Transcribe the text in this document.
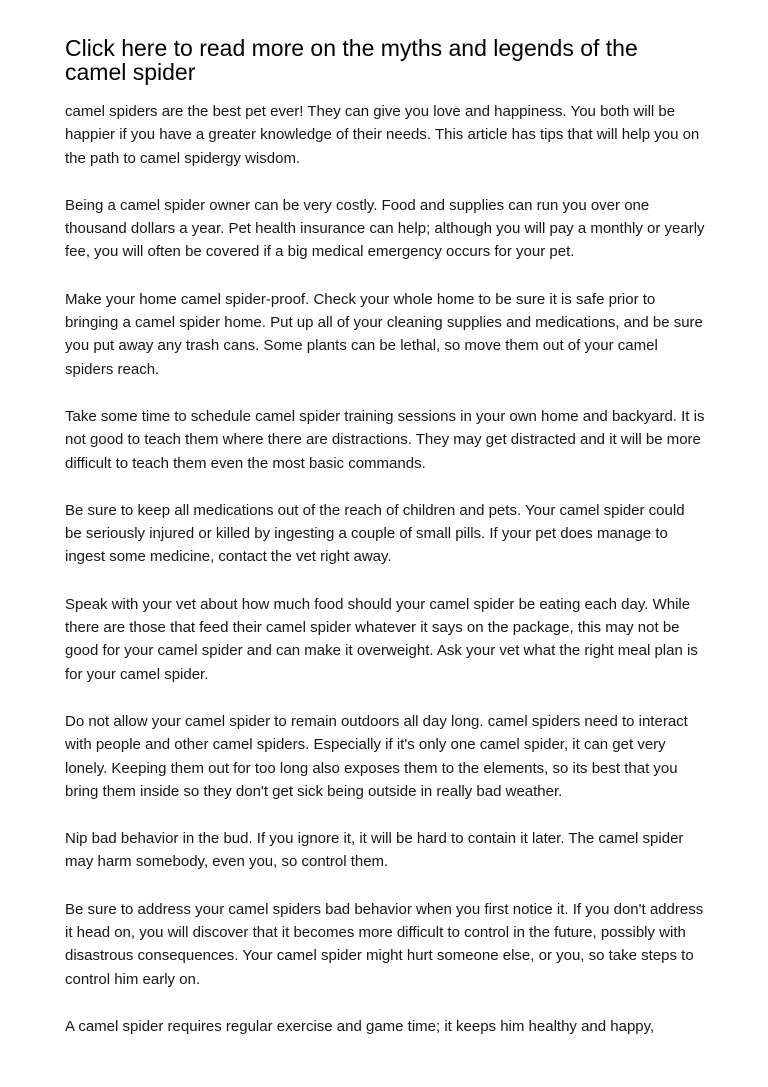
Click here to read more on the myths and legends of the camel spider

camel spiders are the best pet ever! They can give you love and happiness. You both will be happier if you have a greater knowledge of their needs. This article has tips that will help you on the path to camel spidergy wisdom.

Being a camel spider owner can be very costly. Food and supplies can run you over one thousand dollars a year. Pet health insurance can help; although you will pay a monthly or yearly fee, you will often be covered if a big medical emergency occurs for your pet.

Make your home camel spider-proof. Check your whole home to be sure it is safe prior to bringing a camel spider home. Put up all of your cleaning supplies and medications, and be sure you put away any trash cans. Some plants can be lethal, so move them out of your camel spiders reach.

Take some time to schedule camel spider training sessions in your own home and backyard. It is not good to teach them where there are distractions. They may get distracted and it will be more difficult to teach them even the most basic commands.

Be sure to keep all medications out of the reach of children and pets. Your camel spider could be seriously injured or killed by ingesting a couple of small pills. If your pet does manage to ingest some medicine, contact the vet right away.

Speak with your vet about how much food should your camel spider be eating each day. While there are those that feed their camel spider whatever it says on the package, this may not be good for your camel spider and can make it overweight. Ask your vet what the right meal plan is for your camel spider.

Do not allow your camel spider to remain outdoors all day long. camel spiders need to interact with people and other camel spiders. Especially if it's only one camel spider, it can get very lonely. Keeping them out for too long also exposes them to the elements, so its best that you bring them inside so they don't get sick being outside in really bad weather.

Nip bad behavior in the bud. If you ignore it, it will be hard to contain it later. The camel spider may harm somebody, even you, so control them.

Be sure to address your camel spiders bad behavior when you first notice it. If you don't address it head on, you will discover that it becomes more difficult to control in the future, possibly with disastrous consequences. Your camel spider might hurt someone else, or you, so take steps to control him early on.

A camel spider requires regular exercise and game time; it keeps him healthy and happy,
